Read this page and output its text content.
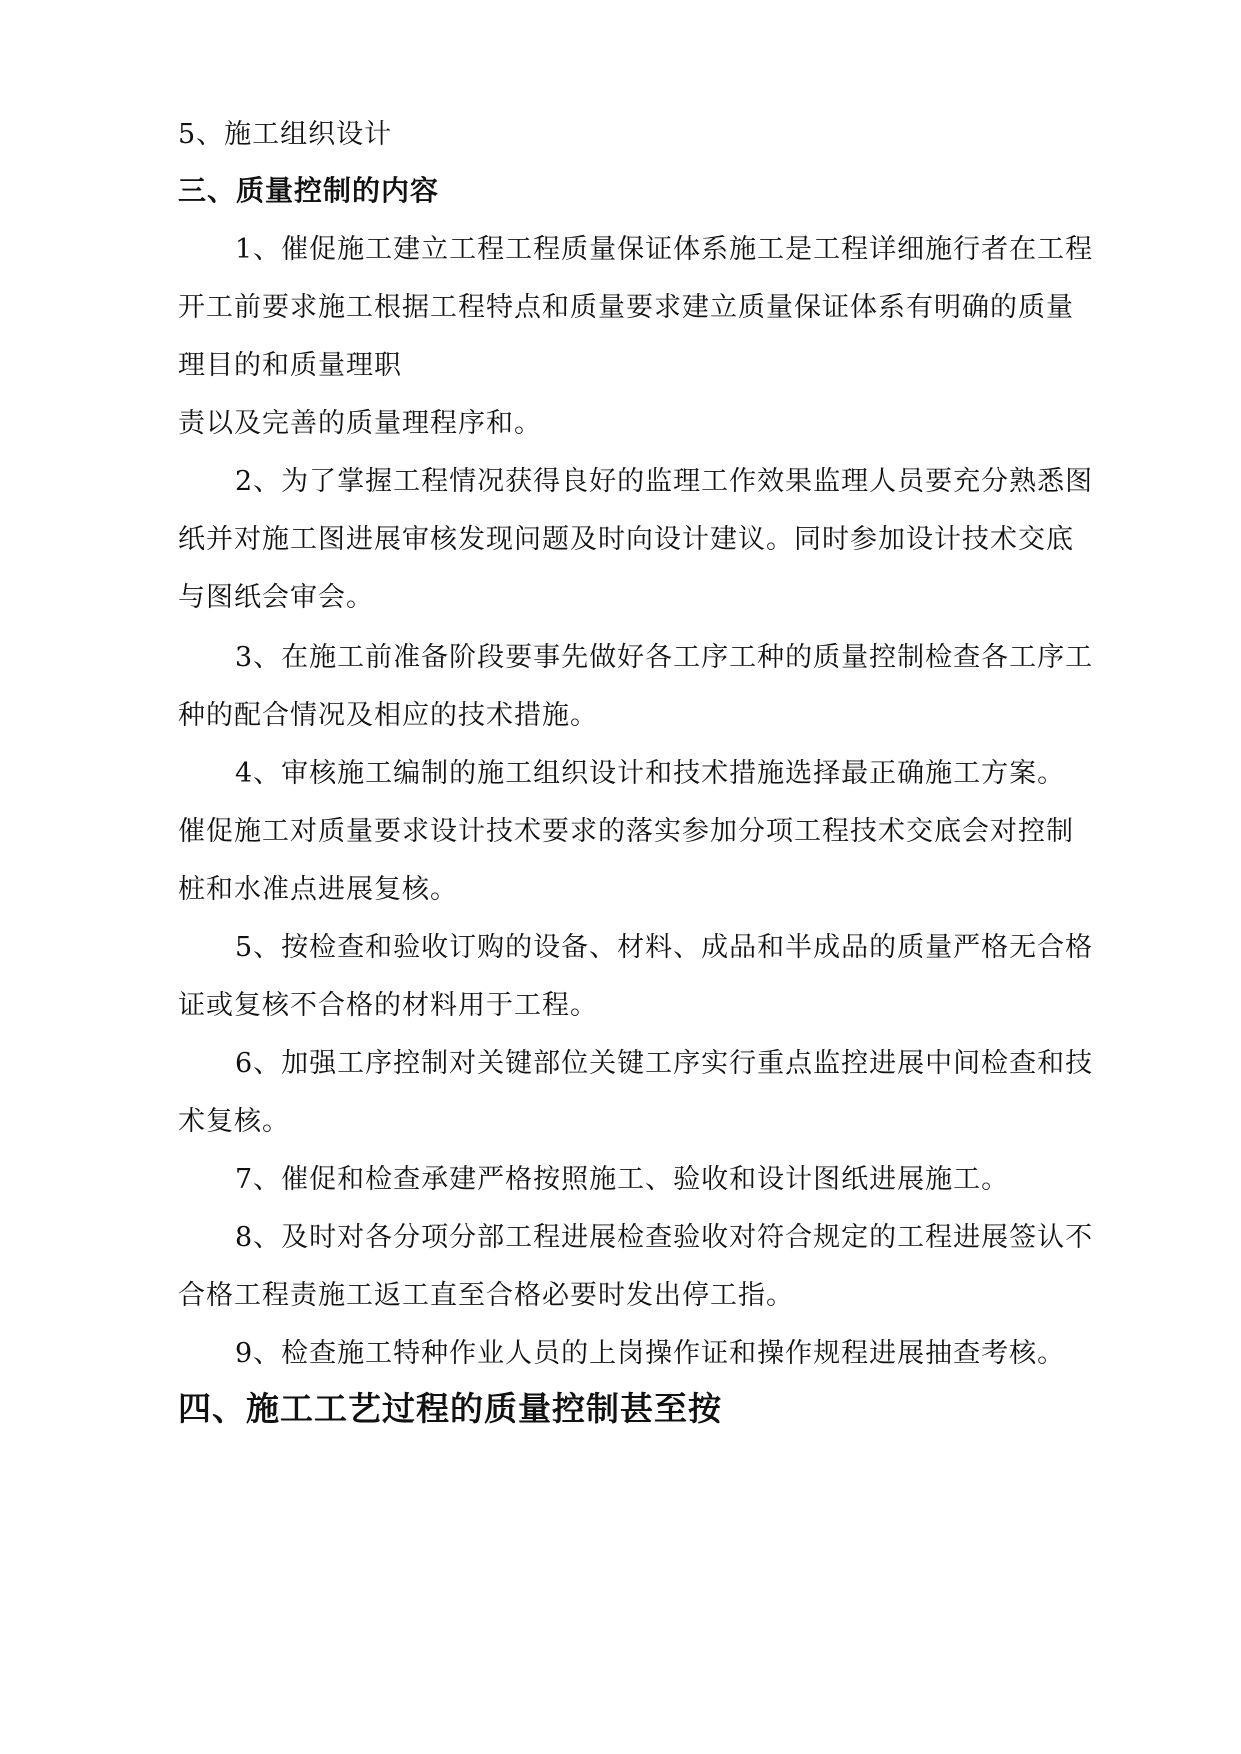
5、施工组织设计
三、质量控制的内容
1、催促施工建立工程工程质量保证体系施工是工程详细施行者在工程
开工前要求施工根据工程特点和质量要求建立质量保证体系有明确的质量
理目的和质量理职
责以及完善的质量理程序和。
2、为了掌握工程情况获得良好的监理工作效果监理人员要充分熟悉图
纸并对施工图进展审核发现问题及时向设计建议。同时参加设计技术交底
与图纸会审会。
3、在施工前准备阶段要事先做好各工序工种的质量控制检查各工序工
种的配合情况及相应的技术措施。
4、审核施工编制的施工组织设计和技术措施选择最正确施工方案。
催促施工对质量要求设计技术要求的落实参加分项工程技术交底会对控制
桩和水准点进展复核。
5、按检查和验收订购的设备、材料、成品和半成品的质量严格无合格
证或复核不合格的材料用于工程。
6、加强工序控制对关键部位关键工序实行重点监控进展中间检查和技
术复核。
7、催促和检查承建严格按照施工、验收和设计图纸进展施工。
8、及时对各分项分部工程进展检查验收对符合规定的工程进展签认不
合格工程责施工返工直至合格必要时发出停工指。
9、检查施工特种作业人员的上岗操作证和操作规程进展抽查考核。
四、施工工艺过程的质量控制甚至按
